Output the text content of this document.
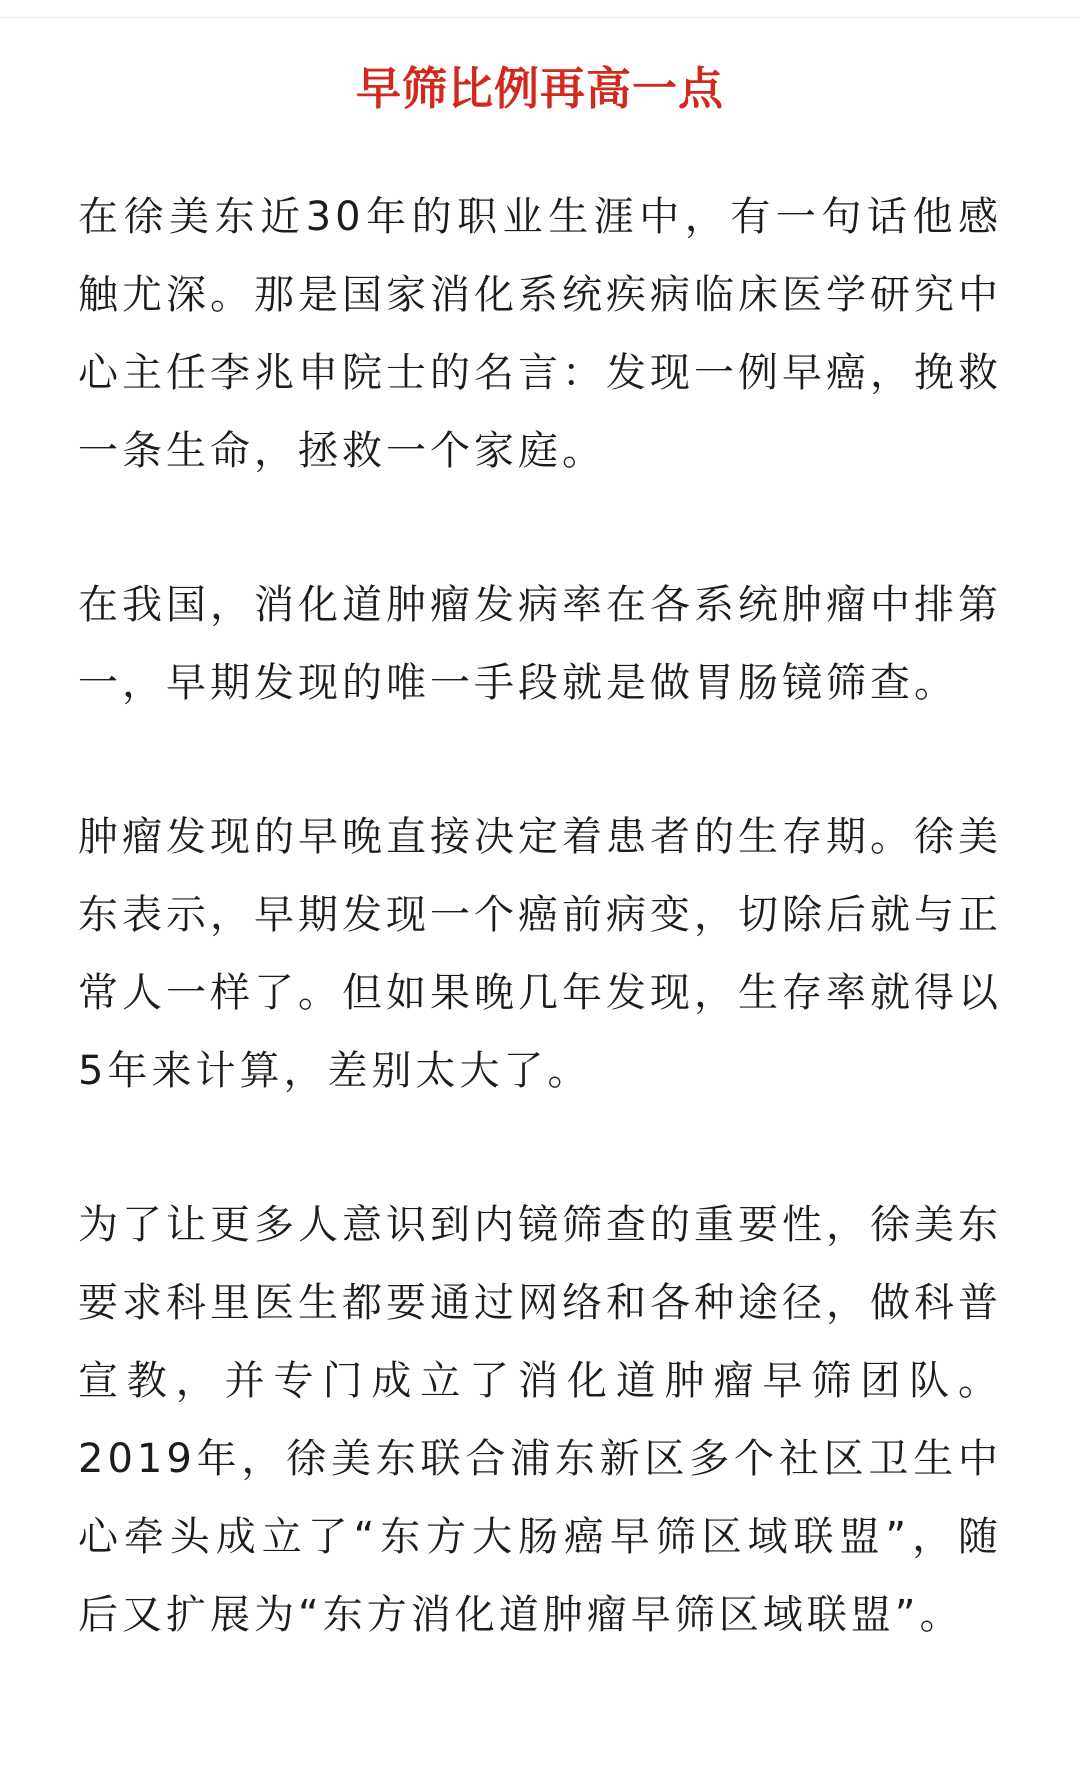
早筛比例再高一点

在徐美东近30年的职业生涯中，有一句话他感触尤深。那是国家消化系统疾病临床医学研究中心主任李兆申院士的名言：发现一例早癌，挽救一条生命，拯救一个家庭。

在我国，消化道肿瘤发病率在各系统肿瘤中排第一，早期发现的唯一手段就是做胃肠镜筛查。

肿瘤发现的早晚直接决定着患者的生存期。徐美东表示，早期发现一个癌前病变，切除后就与正常人一样了。但如果晚几年发现，生存率就得以5年来计算，差别太大了。

为了让更多人意识到内镜筛查的重要性，徐美东要求科里医生都要通过网络和各种途径，做科普宣教，并专门成立了消化道肿瘤早筛团队。2019年，徐美东联合浦东新区多个社区卫生中心牵头成立了“东方大肠癌早筛区域联盟”，随后又扩展为“东方消化道肿瘤早筛区域联盟”。
